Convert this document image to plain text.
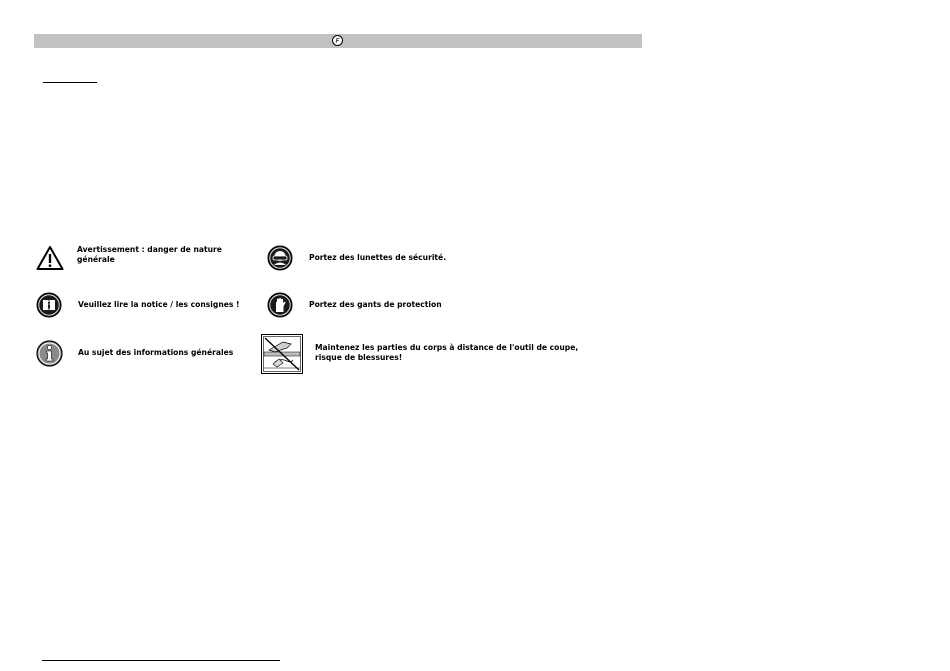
F
Avertissement : danger de nature
générale	Portez des lunettes de sécurité.
Veuillez lire la notice / les consignes !	Portez des gants de protection
Au sujet des informations générales
Maintenez les parties du corps à distance de l'outil de coupe,
risque de blessures!
